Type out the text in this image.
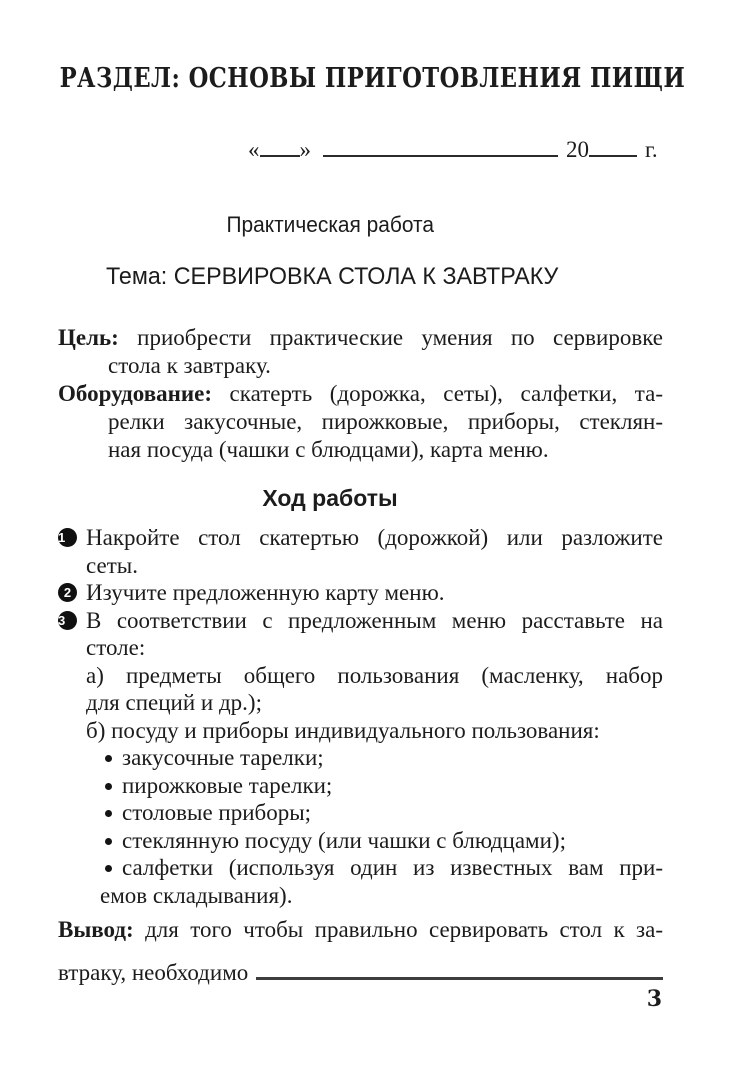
РАЗДЕЛ: ОСНОВЫ ПРИГОТОВЛЕНИЯ ПИЩИ
« »	20 г.
Практическая работа
Тема: СЕРВИРОВКА СТОЛА К ЗАВТРАКУ
Цель: приобрести практические умения по сервировке
стола к завтраку.
Оборудование: скатерть (дорожка, сеты), салфетки, та-
релки закусочные, пирожковые, приборы, стеклян-
ная посуда (чашки с блюдцами), карта меню.
Ход работы
1 Накройте стол скатертью (дорожкой) или разложите
сеты.
2 Изучите предложенную карту меню.
3 В соответствии с предложенным меню расставьте на
столе:
а) предметы общего пользования (масленку, набор
для специй и др.);
б) посуду и приборы индивидуального пользования:
закусочные тарелки;
пирожковые тарелки;
столовые приборы;
стеклянную посуду (или чашки с блюдцами);
салфетки (используя один из известных вам при-
емов складывания).
Вывод: для того чтобы правильно сервировать стол к за-
втраку, необходимо
3
